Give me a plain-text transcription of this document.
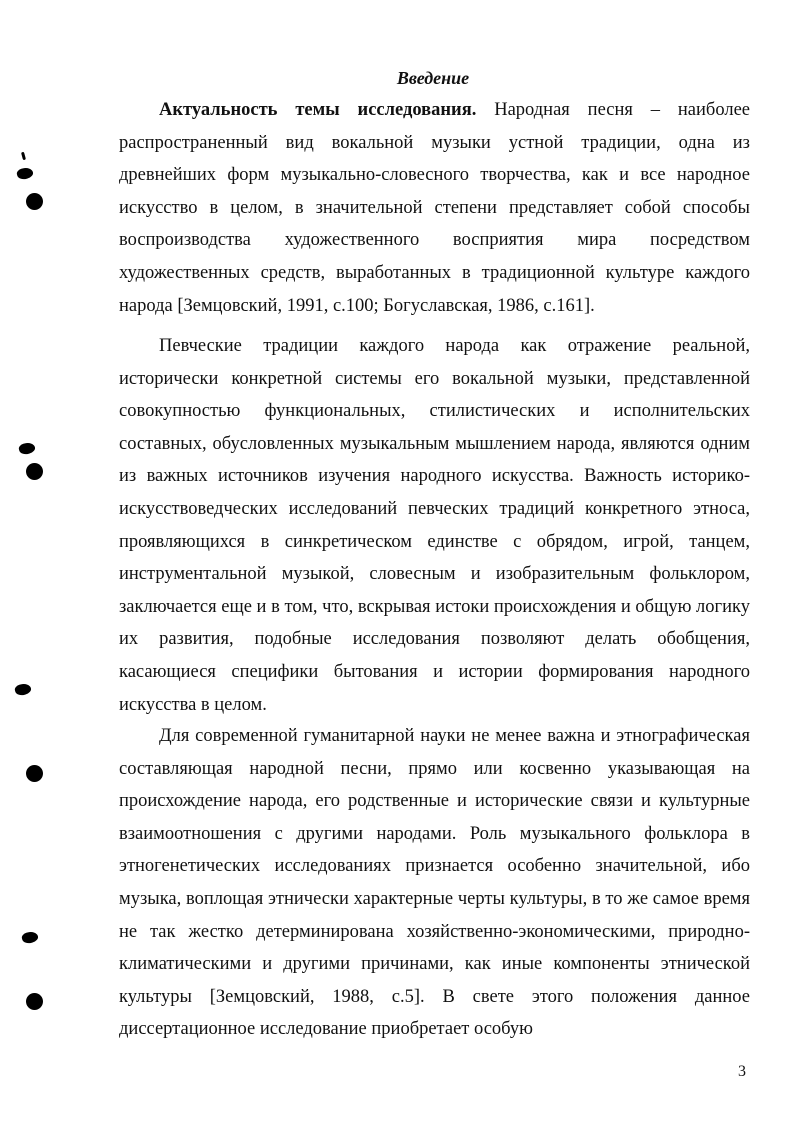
Введение

Актуальность темы исследования. Народная песня – наиболее распространенный вид вокальной музыки устной традиции, одна из древнейших форм музыкально-словесного творчества, как и все народное искусство в целом, в значительной степени представляет собой способы воспроизводства художественного восприятия мира посредством художественных средств, выработанных в традиционной культуре каждого народа [Земцовский, 1991, с.100; Богуславская, 1986, с.161].

Певческие традиции каждого народа как отражение реальной, исторически конкретной системы его вокальной музыки, представленной совокупностью функциональных, стилистических и исполнительских составных, обусловленных музыкальным мышлением народа, являются одним из важных источников изучения народного искусства. Важность историко-искусствоведческих исследований певческих традиций конкретного этноса, проявляющихся в синкретическом единстве с обрядом, игрой, танцем, инструментальной музыкой, словесным и изобразительным фольклором, заключается еще и в том, что, вскрывая истоки происхождения и общую логику их развития, подобные исследования позволяют делать обобщения, касающиеся специфики бытования и истории формирования народного искусства в целом.

Для современной гуманитарной науки не менее важна и этнографическая составляющая народной песни, прямо или косвенно указывающая на происхождение народа, его родственные и исторические связи и культурные взаимоотношения с другими народами. Роль музыкального фольклора в этногенетических исследованиях признается особенно значительной, ибо музыка, воплощая этнически характерные черты культуры, в то же самое время не так жестко детерминирована хозяйственно-экономическими, природно-климатическими и другими причинами, как иные компоненты этнической культуры [Земцовский, 1988, с.5]. В свете этого положения данное диссертационное исследование приобретает особую

3
